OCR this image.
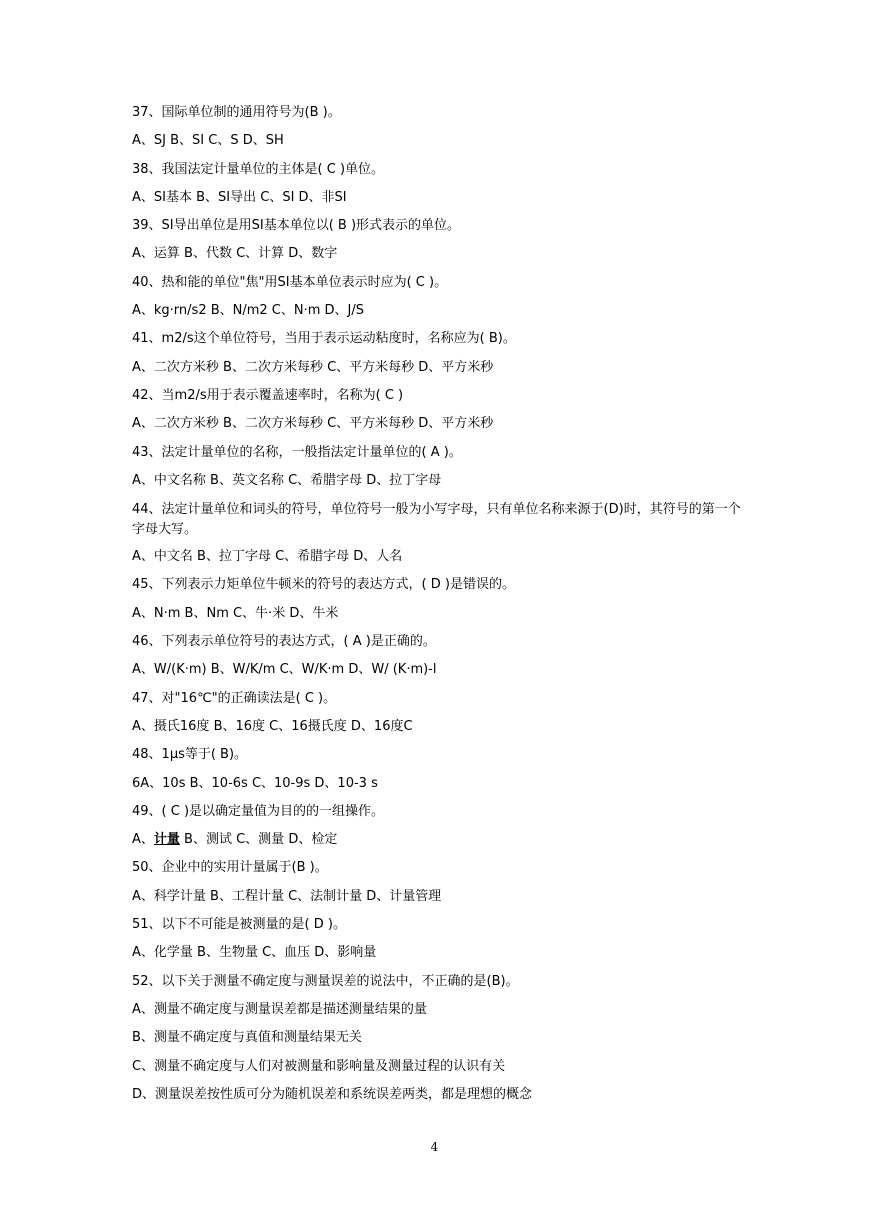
37、国际单位制的通用符号为(B )。
A、SJ B、SI C、S D、SH
38、我国法定计量单位的主体是( C )单位。
A、SI基本 B、SI导出 C、SI D、非SI
39、SI导出单位是用SI基本单位以( B )形式表示的单位。
A、运算 B、代数 C、计算 D、数字
40、热和能的单位"焦"用SI基本单位表示时应为( C )。
A、kg·rn/s2 B、N/m2 C、N·m D、J/S
41、m2/s这个单位符号，当用于表示运动粘度时，名称应为( B)。
A、二次方米秒 B、二次方米每秒 C、平方米每秒 D、平方米秒
42、当m2/s用于表示覆盖速率时，名称为( C )
A、二次方米秒 B、二次方米每秒 C、平方米每秒 D、平方米秒
43、法定计量单位的名称，一般指法定计量单位的( A )。
A、中文名称 B、英文名称 C、希腊字母 D、拉丁字母
44、法定计量单位和词头的符号，单位符号一般为小写字母，只有单位名称来源于(D)时，其符号的第一个字母大写。
A、中文名 B、拉丁字母 C、希腊字母 D、人名
45、下列表示力矩单位牛顿米的符号的表达方式，( D )是错误的。
A、N·m B、Nm C、牛·米 D、牛米
46、下列表示单位符号的表达方式，( A )是正确的。
A、W/(K·m) B、W/K/m C、W/K·m D、W/ (K·m)-l
47、对"16℃"的正确读法是( C )。
A、摄氏16度 B、16度 C、16摄氏度 D、16度C
48、1μs等于( B)。
6A、10s B、10-6s C、10-9s D、10-3 s
49、( C )是以确定量值为目的的一组操作。
A、计量 B、测试 C、测量 D、检定
50、企业中的实用计量属于(B )。
A、科学计量 B、工程计量 C、法制计量 D、计量管理
51、以下不可能是被测量的是( D )。
A、化学量 B、生物量 C、血压 D、影响量
52、以下关于测量不确定度与测量误差的说法中，不正确的是(B)。
A、测量不确定度与测量误差都是描述测量结果的量
B、测量不确定度与真值和测量结果无关
C、测量不确定度与人们对被测量和影响量及测量过程的认识有关
D、测量误差按性质可分为随机误差和系统误差两类，都是理想的概念
4
